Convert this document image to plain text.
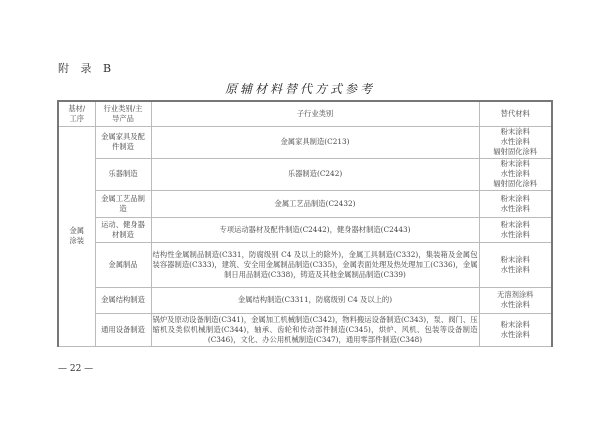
附 录 B
原辅材料替代方式参考
基材/工序	行业类别/主导产品	子行业类别	替代材料
金属涂装	金属家具及配件制造	金属家具制造(C213)	粉末涂料
水性涂料
辐射固化涂料

	乐器制造	乐器制造(C242)	粉末涂料
水性涂料
辐射固化涂料

	金属工艺品制造	金属工艺品制造(C2432)	粉末涂料
水性涂料

	运动、健身器材制造	专项运动器材及配件制造(C2442)，健身器材制造(C2443)	粉末涂料
水性涂料

	金属制品	结构性金属制品制造(C331，防腐级别 C4 及以上的除外)，金属工具制造(C332)，集装箱及金属包装容器制造(C333)，建筑、安全用金属制品制造(C335)，金属表面处理及热处理加工(C336)，金属制日用品制造(C338)，铸造及其他金属制品制造(C339)	粉末涂料
水性涂料

	金属结构制造	金属结构制造(C3311，防腐级别 C4 及以上的)	无溶剂涂料
水性涂料

	通用设备制造	锅炉及原动设备制造(C341)，金属加工机械制造(C342)，物料搬运设备制造(C343)，泵、阀门、压缩机及类似机械制造(C344)，轴承、齿轮和传动部件制造(C345)，烘炉、风机、包装等设备制造(C346)，文化、办公用机械制造(C347)，通用零部件制造(C348)	粉末涂料
水性涂料
— 22 —
